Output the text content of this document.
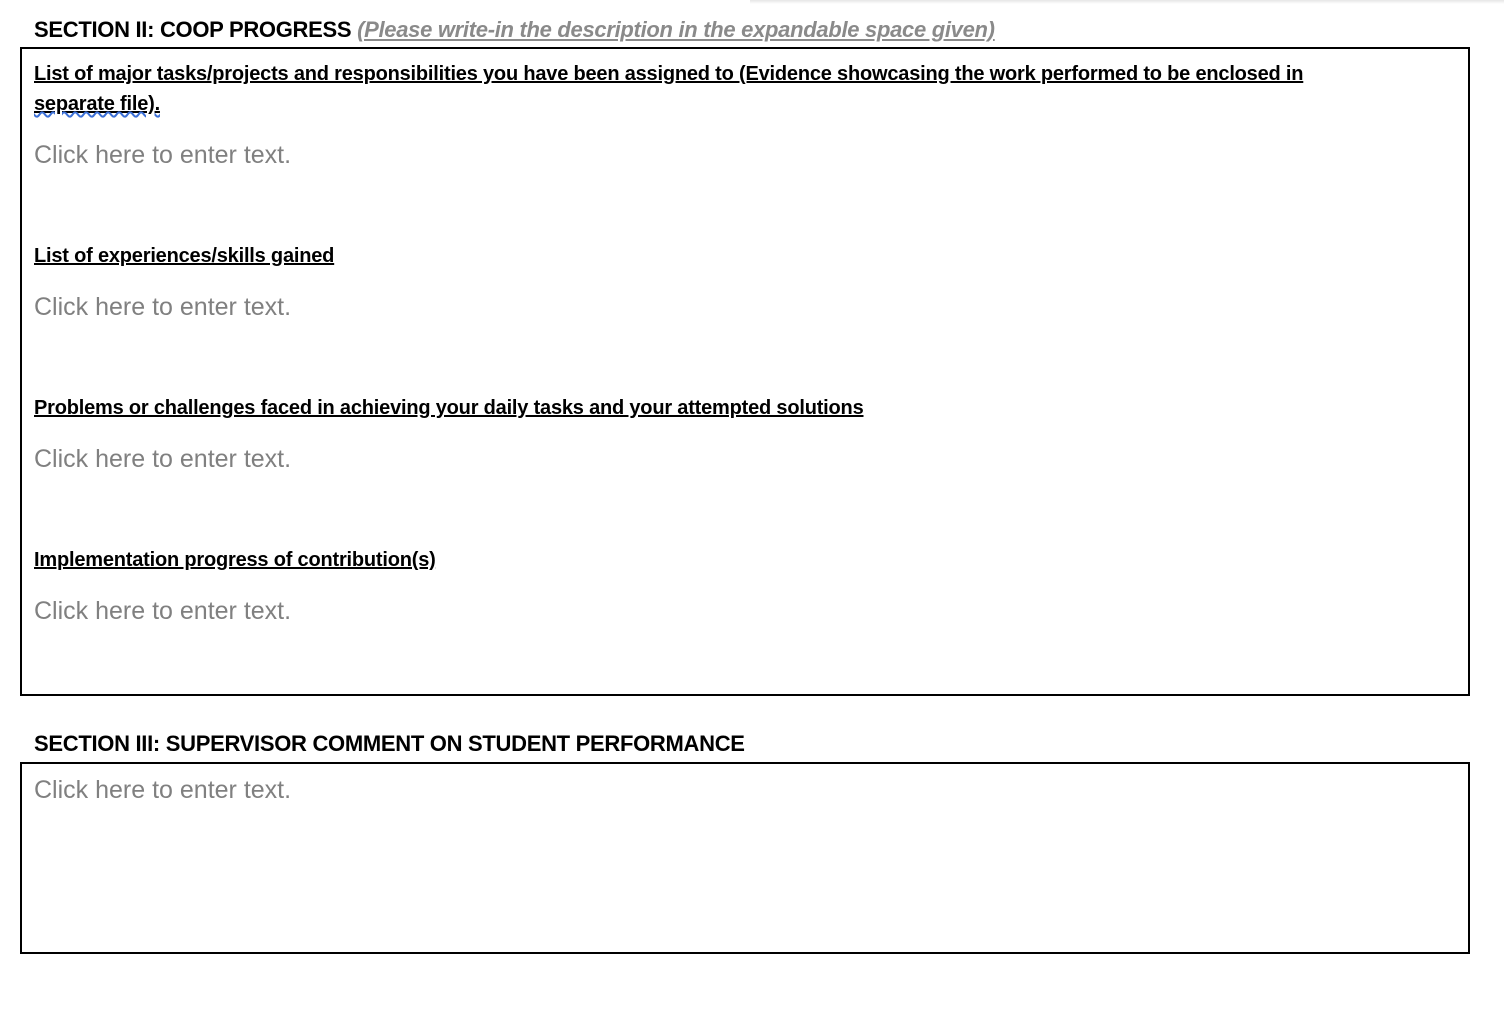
SECTION II: COOP PROGRESS (Please write-in the description in the expandable space given)
List of major tasks/projects and responsibilities you have been assigned to (Evidence showcasing the work performed to be enclosed in
separate file).
Click here to enter text.
List of experiences/skills gained
Click here to enter text.
Problems or challenges faced in achieving your daily tasks and your attempted solutions
Click here to enter text.
Implementation progress of contribution(s)
Click here to enter text.
SECTION III: SUPERVISOR COMMENT ON STUDENT PERFORMANCE
Click here to enter text.
